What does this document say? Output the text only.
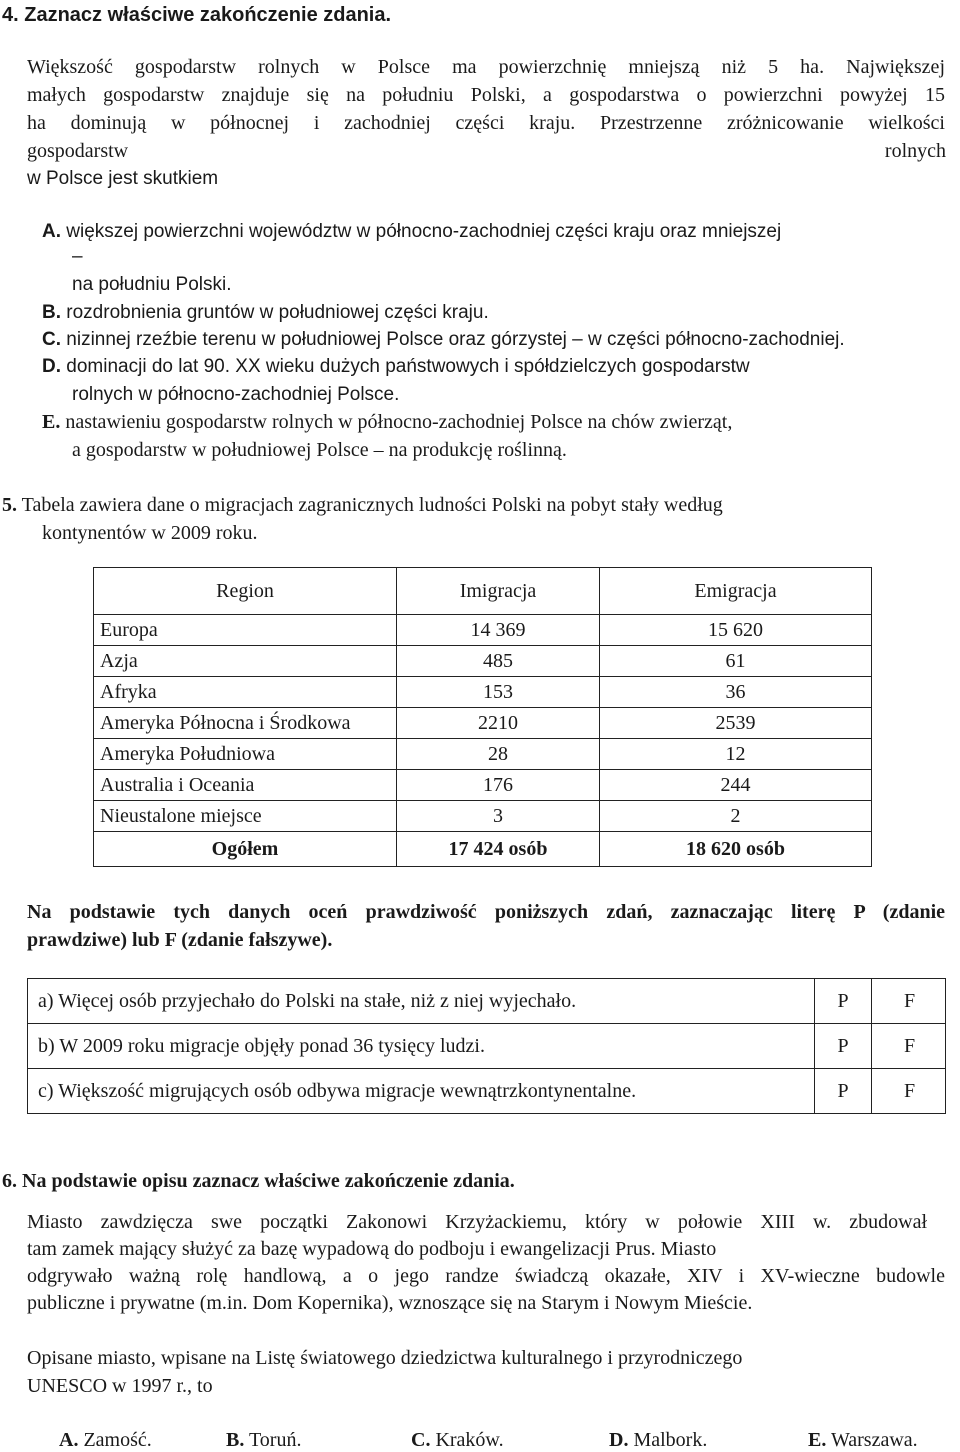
4. Zaznacz właściwe zakończenie zdania.
Większość gospodarstw rolnych w Polsce ma powierzchnię mniejszą niż 5 ha. Największej
małych gospodarstw znajduje się na południu Polski, a gospodarstwa o powierzchni powyżej 15
ha dominują w północnej i zachodniej części kraju. Przestrzenne zróżnicowanie wielkości
gospodarstw	rolnych
w Polsce jest skutkiem
A. większej powierzchni województw w północno-zachodniej części kraju oraz mniejszej
–
na południu Polski.
B. rozdrobnienia gruntów w południowej części kraju.
C. nizinnej rzeźbie terenu w południowej Polsce oraz górzystej – w części północno-zachodniej.
D. dominacji do lat 90. XX wieku dużych państwowych i spółdzielczych gospodarstw
rolnych w północno-zachodniej Polsce.
E. nastawieniu gospodarstw rolnych w północno-zachodniej Polsce na chów zwierząt,
a gospodarstw w południowej Polsce – na produkcję roślinną.
5. Tabela zawiera dane o migracjach zagranicznych ludności Polski na pobyt stały według
kontynentów w 2009 roku.
Region	Imigracja	Emigracja
Europa	14 369	15 620
Azja	485	61
Afryka	153	36
Ameryka Północna i Środkowa	2210	2539
Ameryka Południowa	28	12
Australia i Oceania	176	244
Nieustalone miejsce	3	2
Ogółem	17 424 osób	18 620 osób
Na podstawie tych danych oceń prawdziwość poniższych zdań, zaznaczając literę P (zdanie
prawdziwe) lub F (zdanie fałszywe).
a) Więcej osób przyjechało do Polski na stałe, niż z niej wyjechało.	P	F
b) W 2009 roku migracje objęły ponad 36 tysięcy ludzi.	P	F
c) Większość migrujących osób odbywa migracje wewnątrzkontynentalne.	P	F
6. Na podstawie opisu zaznacz właściwe zakończenie zdania.
Miasto zawdzięcza swe początki Zakonowi Krzyżackiemu, który w połowie XIII w. zbudował
tam zamek mający służyć za bazę wypadową do podboju i ewangelizacji Prus. Miasto
odgrywało ważną rolę handlową, a o jego randze świadczą okazałe, XIV i XV-wieczne budowle
publiczne i prywatne (m.in. Dom Kopernika), wznoszące się na Starym i Nowym Mieście.
Opisane miasto, wpisane na Listę światowego dziedzictwa kulturalnego i przyrodniczego
UNESCO w 1997 r., to
A. Zamość.	B. Toruń.	C. Kraków.	D. Malbork.	E. Warszawa.
